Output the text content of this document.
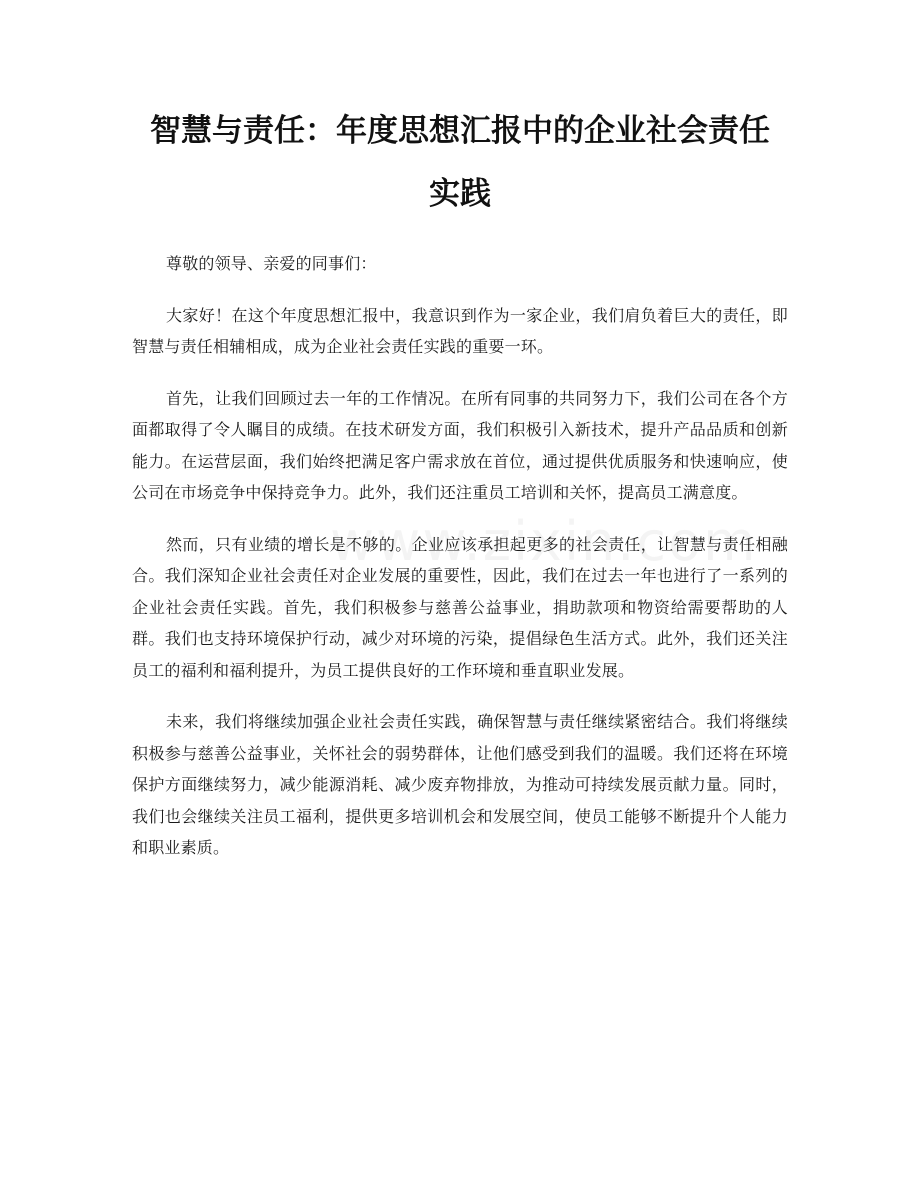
智慧与责任：年度思想汇报中的企业社会责任实践

尊敬的领导、亲爱的同事们：

大家好！在这个年度思想汇报中，我意识到作为一家企业，我们肩负着巨大的责任，即智慧与责任相辅相成，成为企业社会责任实践的重要一环。

首先，让我们回顾过去一年的工作情况。在所有同事的共同努力下，我们公司在各个方面都取得了令人瞩目的成绩。在技术研发方面，我们积极引入新技术，提升产品品质和创新能力。在运营层面，我们始终把满足客户需求放在首位，通过提供优质服务和快速响应，使公司在市场竞争中保持竞争力。此外，我们还注重员工培训和关怀，提高员工满意度。

然而，只有业绩的增长是不够的。企业应该承担起更多的社会责任，让智慧与责任相融合。我们深知企业社会责任对企业发展的重要性，因此，我们在过去一年也进行了一系列的企业社会责任实践。首先，我们积极参与慈善公益事业，捐助款项和物资给需要帮助的人群。我们也支持环境保护行动，减少对环境的污染，提倡绿色生活方式。此外，我们还关注员工的福利和福利提升，为员工提供良好的工作环境和垂直职业发展。

未来，我们将继续加强企业社会责任实践，确保智慧与责任继续紧密结合。我们将继续积极参与慈善公益事业，关怀社会的弱势群体，让他们感受到我们的温暖。我们还将在环境保护方面继续努力，减少能源消耗、减少废弃物排放，为推动可持续发展贡献力量。同时，我们也会继续关注员工福利，提供更多培训机会和发展空间，使员工能够不断提升个人能力和职业素质。
